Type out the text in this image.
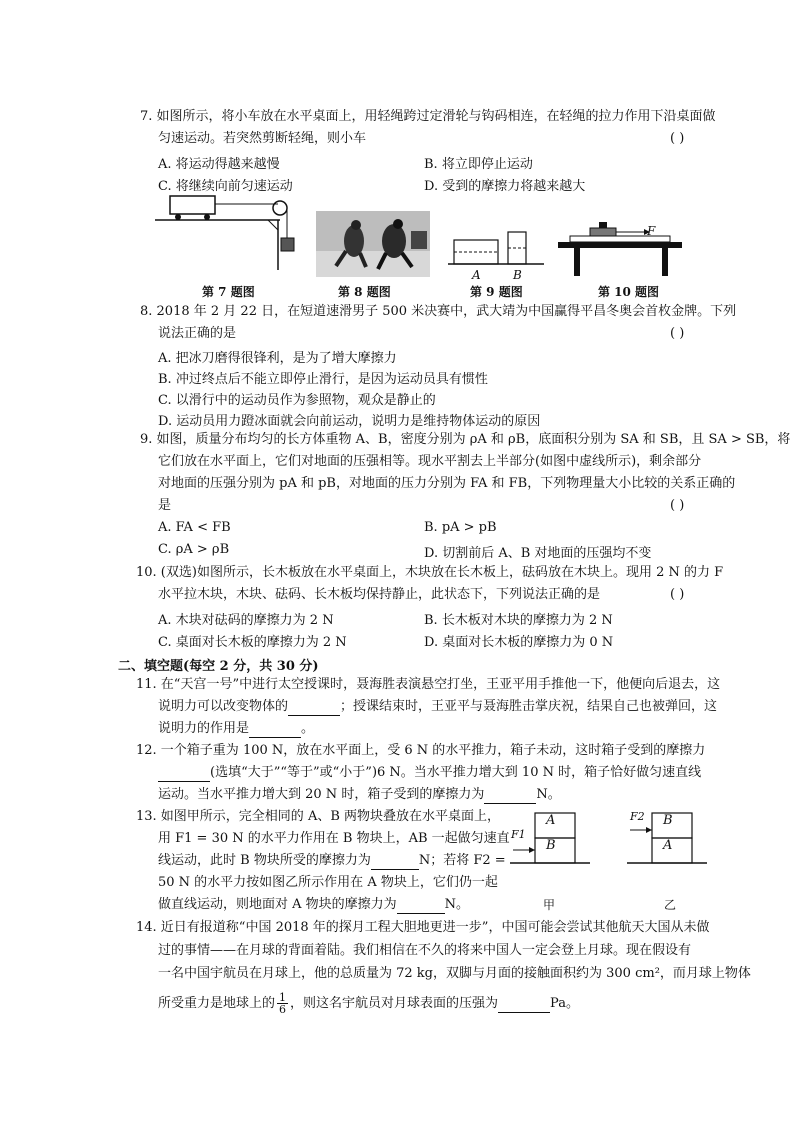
7. 如图所示，将小车放在水平桌面上，用轻绳跨过定滑轮与钩码相连，在轻绳的拉力作用下沿桌面做
匀速运动。若突然剪断轻绳，则小车	( )
A. 将运动得越来越慢	B. 将立即停止运动
C. 将继续向前匀速运动	D. 受到的摩擦力将越来越大
A	B
F
第 7 题图	第 8 题图	第 9 题图	第 10 题图
8. 2018 年 2 月 22 日，在短道速滑男子 500 米决赛中，武大靖为中国赢得平昌冬奥会首枚金牌。下列
说法正确的是	( )
A. 把冰刀磨得很锋利，是为了增大摩擦力
B. 冲过终点后不能立即停止滑行，是因为运动员具有惯性
C. 以滑行中的运动员作为参照物，观众是静止的
D. 运动员用力蹬冰面就会向前运动，说明力是维持物体运动的原因
9. 如图，质量分布均匀的长方体重物 A、B，密度分别为 ρA 和 ρB，底面积分别为 SA 和 SB，且 SA > SB，将
它们放在水平面上，它们对地面的压强相等。现水平割去上半部分(如图中虚线所示)，剩余部分
对地面的压强分别为 pA 和 pB，对地面的压力分别为 FA 和 FB，下列物理量大小比较的关系正确的
是	( )
A. FA < FB	B. pA > pB
C. ρA > ρB	D. 切割前后 A、B 对地面的压强均不变
10. (双选)如图所示，长木板放在水平桌面上，木块放在长木板上，砝码放在木块上。现用 2 N 的力 F
水平拉木块，木块、砝码、长木板均保持静止，此状态下，下列说法正确的是	( )
A. 木块对砝码的摩擦力为 2 N	B. 长木板对木块的摩擦力为 2 N
C. 桌面对长木板的摩擦力为 2 N	D. 桌面对长木板的摩擦力为 0 N
二、填空题(每空 2 分，共 30 分)
11. 在“天宫一号”中进行太空授课时，聂海胜表演悬空打坐，王亚平用手推他一下，他便向后退去，这
说明力可以改变物体的	；授课结束时，王亚平与聂海胜击掌庆祝，结果自己也被弹回，这
说明力的作用是	。
12. 一个箱子重为 100 N，放在水平面上，受 6 N 的水平推力，箱子未动，这时箱子受到的摩擦力
(选填“大于”“等于”或“小于”)6 N。当水平推力增大到 10 N 时，箱子恰好做匀速直线
运动。当水平推力增大到 20 N 时，箱子受到的摩擦力为	N。
13. 如图甲所示，完全相同的 A、B 两物块叠放在水平桌面上，
用 F1 = 30 N 的水平力作用在 B 物块上，AB 一起做匀速直
线运动，此时 B 物块所受的摩擦力为	N；若将 F2 =
50 N 的水平力按如图乙所示作用在 A 物块上，它们仍一起
做直线运动，则地面对 A 物块的摩擦力为	N。
A
B
F1
甲
B
A
F2
乙
14. 近日有报道称“中国 2018 年的探月工程大胆地更进一步”，中国可能会尝试其他航天大国从未做
过的事情——在月球的背面着陆。我们相信在不久的将来中国人一定会登上月球。现在假设有
一名中国宇航员在月球上，他的总质量为 72 kg，双脚与月面的接触面积约为 300 cm²，而月球上物体
所受重力是地球上的 $\frac{1}{6}$ ，则这名宇航员对月球表面的压强为	Pa。
